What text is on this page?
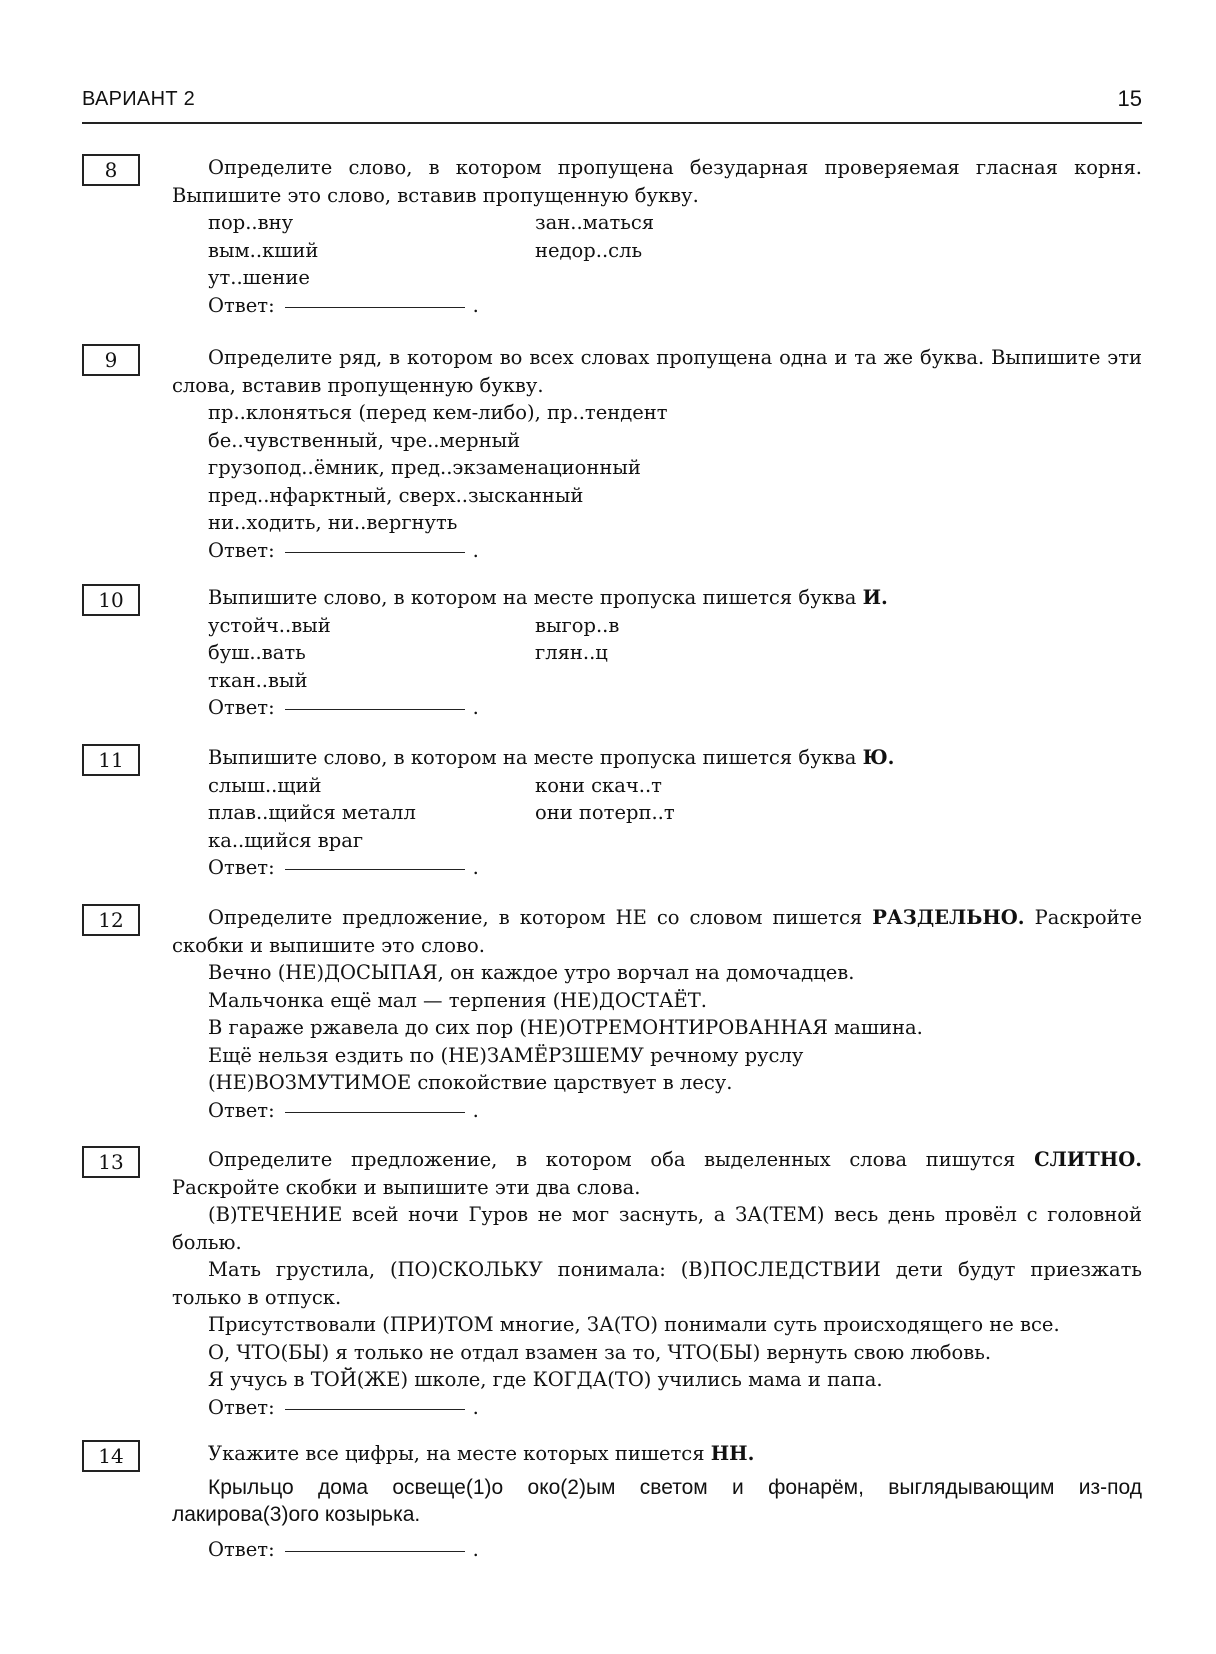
ВАРИАНТ 2	15
8	Определите слово, в котором пропущена безударная проверяемая гласная корня. Выпишите это слово, вставив пропущенную букву.

пор..вну	зан..маться
вым..кший	недор..сль
ут..шение
Ответ:	.
9	Определите ряд, в котором во всех словах пропущена одна и та же буква. Выпишите эти слова, вставив пропущенную букву.

пр..клоняться (перед кем-либо), пр..тендент
бе..чувственный, чре..мерный
грузопод..ёмник, пред..экзаменационный
пред..нфарктный, сверх..зысканный
ни..ходить, ни..вергнуть
Ответ:	.
10	Выпишите слово, в котором на месте пропуска пишется буква И.

устойч..вый	выгор..в
буш..вать	глян..ц
ткан..вый
Ответ:	.
11	Выпишите слово, в котором на месте пропуска пишется буква Ю.

слыш..щий	кони скач..т
плав..щийся металл	они потерп..т
ка..щийся враг
Ответ:	.
12	Определите предложение, в котором НЕ со словом пишется РАЗДЕЛЬНО. Раскройте скобки и выпишите это слово.

Вечно (НЕ)ДОСЫПАЯ, он каждое утро ворчал на домочадцев.
Мальчонка ещё мал — терпения (НЕ)ДОСТАЁТ.
В гараже ржавела до сих пор (НЕ)ОТРЕМОНТИРОВАННАЯ машина.
Ещё нельзя ездить по (НЕ)ЗАМЁРЗШЕМУ речному руслу
(НЕ)ВОЗМУТИМОЕ спокойствие царствует в лесу.
Ответ:	.
13	Определите предложение, в котором оба выделенных слова пишутся СЛИТНО. Раскройте скобки и выпишите эти два слова.

(В)ТЕЧЕНИЕ всей ночи Гуров не мог заснуть, а ЗА(ТЕМ) весь день провёл с головной болью.
Мать грустила, (ПО)СКОЛЬКУ понимала: (В)ПОСЛЕДСТВИИ дети будут приезжать только в отпуск.
Присутствовали (ПРИ)ТОМ многие, ЗА(ТО) понимали суть происходящего не все.
О, ЧТО(БЫ) я только не отдал взамен за то, ЧТО(БЫ) вернуть свою любовь.
Я учусь в ТОЙ(ЖЕ) школе, где КОГДА(ТО) учились мама и папа.
Ответ:	.
14	Укажите все цифры, на месте которых пишется НН.

Крыльцо дома освеще(1)о око(2)ым светом и фонарём, выглядывающим из-под лакирова(3)ого козырька.
Ответ:	.
